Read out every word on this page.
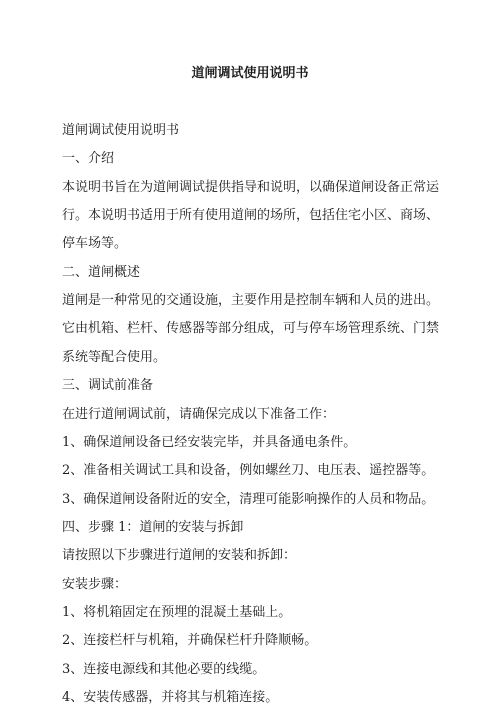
道闸调试使用说明书
道闸调试使用说明书
一、介绍
本说明书旨在为道闸调试提供指导和说明，以确保道闸设备正常运
行。本说明书适用于所有使用道闸的场所，包括住宅小区、商场、
停车场等。
二、道闸概述
道闸是一种常见的交通设施，主要作用是控制车辆和人员的进出。
它由机箱、栏杆、传感器等部分组成，可与停车场管理系统、门禁
系统等配合使用。
三、调试前准备
在进行道闸调试前，请确保完成以下准备工作：
1、确保道闸设备已经安装完毕，并具备通电条件。
2、准备相关调试工具和设备，例如螺丝刀、电压表、遥控器等。
3、确保道闸设备附近的安全，清理可能影响操作的人员和物品。
四、步骤 1：道闸的安装与拆卸
请按照以下步骤进行道闸的安装和拆卸：
安装步骤：
1、将机箱固定在预埋的混凝土基础上。
2、连接栏杆与机箱，并确保栏杆升降顺畅。
3、连接电源线和其他必要的线缆。
4、安装传感器，并将其与机箱连接。
